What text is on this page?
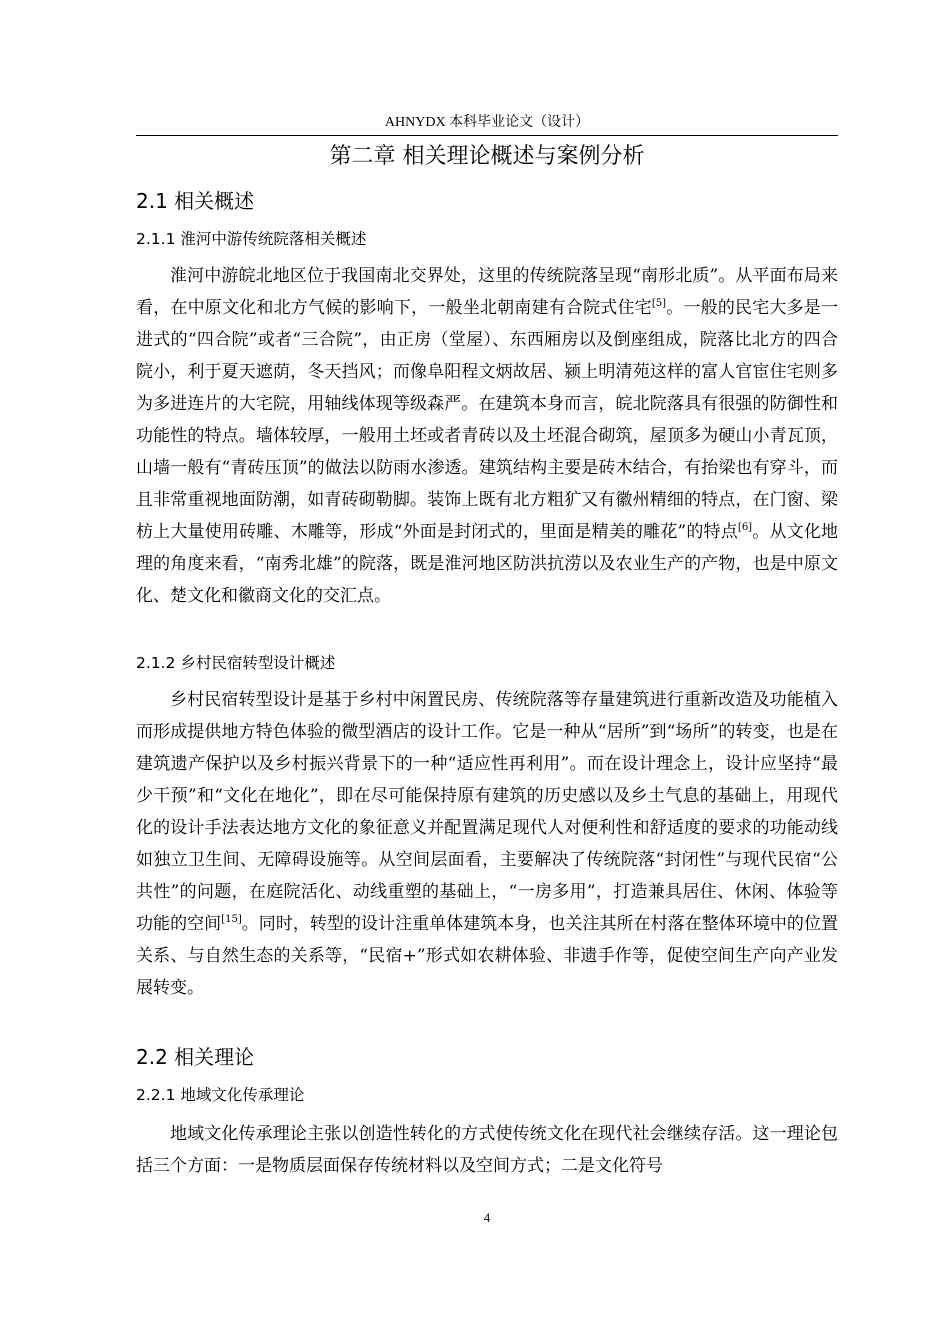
AHNYDX 本科毕业论文（设计）
第二章 相关理论概述与案例分析
2.1 相关概述
2.1.1 淮河中游传统院落相关概述

淮河中游皖北地区位于我国南北交界处，这里的传统院落呈现“南形北质”。从平面布局来看，在中原文化和北方气候的影响下，一般坐北朝南建有合院式住宅[5]。一般的民宅大多是一进式的“四合院”或者“三合院”，由正房（堂屋）、东西厢房以及倒座组成，院落比北方的四合院小，利于夏天遮荫，冬天挡风；而像阜阳程文炳故居、颍上明清苑这样的富人官宦住宅则多为多进连片的大宅院，用轴线体现等级森严。在建筑本身而言，皖北院落具有很强的防御性和功能性的特点。墙体较厚，一般用土坯或者青砖以及土坯混合砌筑，屋顶多为硬山小青瓦顶，山墙一般有“青砖压顶”的做法以防雨水渗透。建筑结构主要是砖木结合，有抬梁也有穿斗，而且非常重视地面防潮，如青砖砌勒脚。装饰上既有北方粗犷又有徽州精细的特点，在门窗、梁枋上大量使用砖雕、木雕等，形成“外面是封闭式的，里面是精美的雕花”的特点[6]。从文化地理的角度来看，“南秀北雄”的院落，既是淮河地区防洪抗涝以及农业生产的产物，也是中原文化、楚文化和徽商文化的交汇点。

2.1.2 乡村民宿转型设计概述

乡村民宿转型设计是基于乡村中闲置民房、传统院落等存量建筑进行重新改造及功能植入而形成提供地方特色体验的微型酒店的设计工作。它是一种从“居所”到“场所”的转变，也是在建筑遗产保护以及乡村振兴背景下的一种“适应性再利用”。而在设计理念上，设计应坚持“最少干预”和“文化在地化”，即在尽可能保持原有建筑的历史感以及乡土气息的基础上，用现代化的设计手法表达地方文化的象征意义并配置满足现代人对便利性和舒适度的要求的功能动线如独立卫生间、无障碍设施等。从空间层面看，主要解决了传统院落“封闭性”与现代民宿“公共性”的问题，在庭院活化、动线重塑的基础上，“一房多用”，打造兼具居住、休闲、体验等功能的空间[15]。同时，转型的设计注重单体建筑本身，也关注其所在村落在整体环境中的位置关系、与自然生态的关系等，“民宿+”形式如农耕体验、非遗手作等，促使空间生产向产业发展转变。

2.2 相关理论
2.2.1 地域文化传承理论

地域文化传承理论主张以创造性转化的方式使传统文化在现代社会继续存活。这一理论包括三个方面：一是物质层面保存传统材料以及空间方式；二是文化符号

4
